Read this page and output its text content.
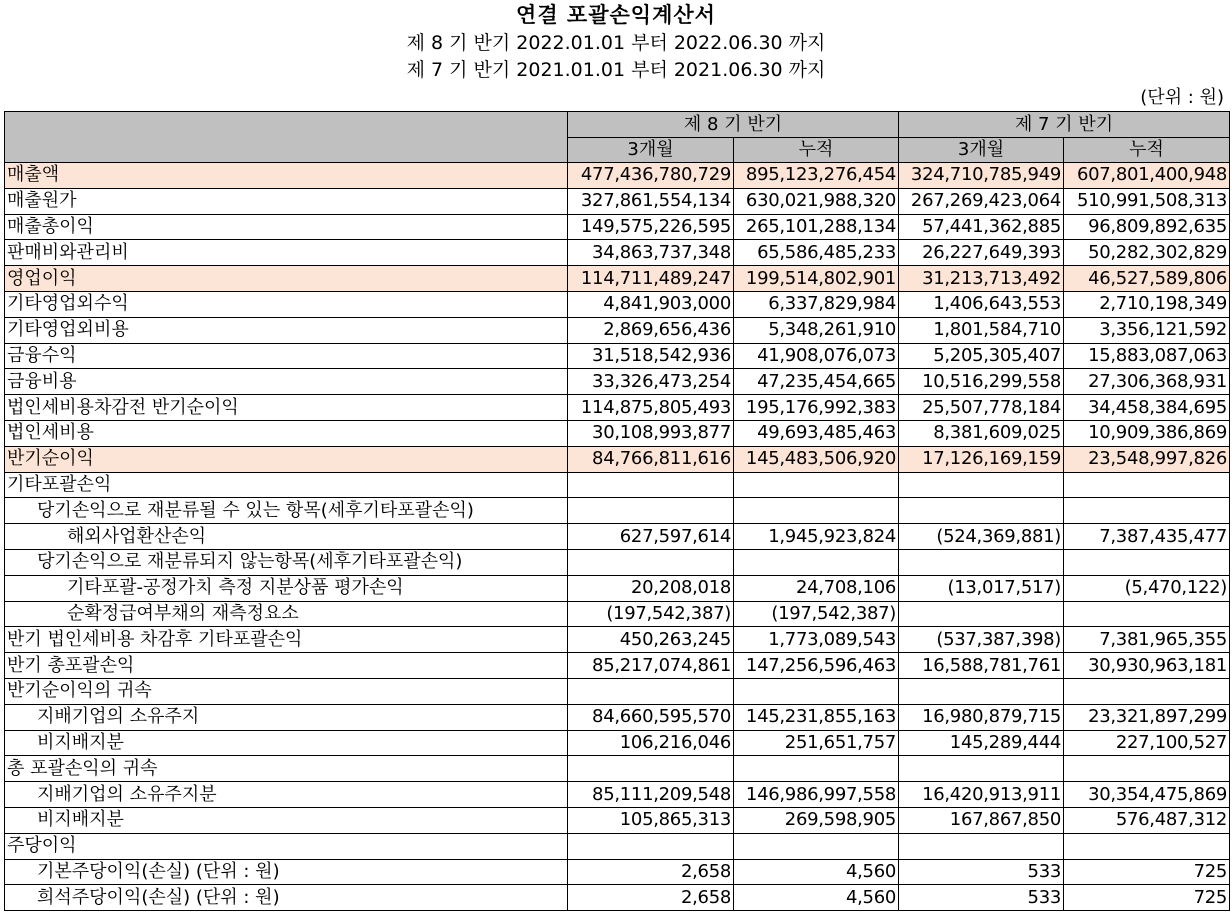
연결 포괄손익계산서
제 8 기 반기 2022.01.01 부터 2022.06.30 까지
제 7 기 반기 2021.01.01 부터 2021.06.30 까지
(단위 : 원)
	제 8 기 반기		제 7 기 반기	
	3개월	누적	3개월	누적
매출액	477,436,780,729	895,123,276,454	324,710,785,949	607,801,400,948
매출원가	327,861,554,134	630,021,988,320	267,269,423,064	510,991,508,313
매출총이익	149,575,226,595	265,101,288,134	57,441,362,885	96,809,892,635
판매비와관리비	34,863,737,348	65,586,485,233	26,227,649,393	50,282,302,829
영업이익	114,711,489,247	199,514,802,901	31,213,713,492	46,527,589,806
기타영업외수익	4,841,903,000	6,337,829,984	1,406,643,553	2,710,198,349
기타영업외비용	2,869,656,436	5,348,261,910	1,801,584,710	3,356,121,592
금융수익	31,518,542,936	41,908,076,073	5,205,305,407	15,883,087,063
금융비용	33,326,473,254	47,235,454,665	10,516,299,558	27,306,368,931
법인세비용차감전 반기순이익	114,875,805,493	195,176,992,383	25,507,778,184	34,458,384,695
법인세비용	30,108,993,877	49,693,485,463	8,381,609,025	10,909,386,869
반기순이익	84,766,811,616	145,483,506,920	17,126,169,159	23,548,997,826
기타포괄손익				
당기손익으로 재분류될 수 있는 항목(세후기타포괄손익)				
해외사업환산손익	627,597,614	1,945,923,824	(524,369,881)	7,387,435,477
당기손익으로 재분류되지 않는항목(세후기타포괄손익)				
기타포괄-공정가치 측정 지분상품 평가손익	20,208,018	24,708,106	(13,017,517)	(5,470,122)
순확정급여부채의 재측정요소	(197,542,387)	(197,542,387)		
반기 법인세비용 차감후 기타포괄손익	450,263,245	1,773,089,543	(537,387,398)	7,381,965,355
반기 총포괄손익	85,217,074,861	147,256,596,463	16,588,781,761	30,930,963,181
반기순이익의 귀속				
지배기업의 소유주지	84,660,595,570	145,231,855,163	16,980,879,715	23,321,897,299
비지배지분	106,216,046	251,651,757	145,289,444	227,100,527
총 포괄손익의 귀속				
지배기업의 소유주지분	85,111,209,548	146,986,997,558	16,420,913,911	30,354,475,869
비지배지분	105,865,313	269,598,905	167,867,850	576,487,312
주당이익				
기본주당이익(손실) (단위 : 원)	2,658	4,560	533	725
희석주당이익(손실) (단위 : 원)	2,658	4,560	533	725
